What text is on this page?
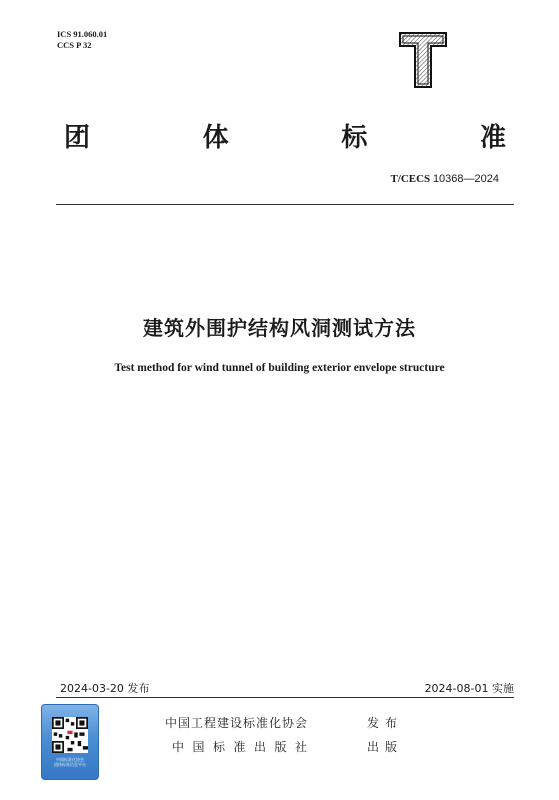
ICS 91.060.01
CCS P 32
团	体	标	准
T/CECS 10368—2024
建筑外围护结构风洞测试方法
Test method for wind tunnel of building exterior envelope structure
2024-03-20 发布	2024-08-01 实施
中国标准化协会
团体标准信息平台
中国工程建设标准化协会	发布
中国标准出版社	出版
